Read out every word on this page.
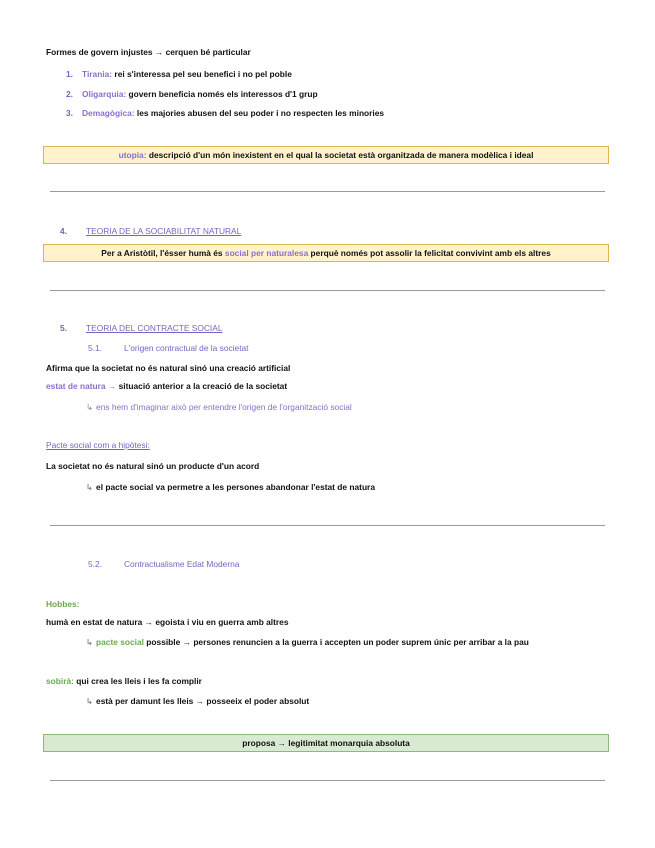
Formes de govern injustes → cerquen bé particular
1. Tirania: rei s'interessa pel seu benefici i no pel poble
2. Oligarquia: govern beneficia només els interessos d'1 grup
3. Demagògica: les majories abusen del seu poder i no respecten les minories
utopia: descripció d'un món inexistent en el qual la societat està organitzada de manera modèlica i ideal
4. TEORIA DE LA SOCIABILITAT NATURAL
Per a Aristòtil, l'ésser humà és social per naturalesa perquè només pot assolir la felicitat convivint amb els altres
5. TEORIA DEL CONTRACTE SOCIAL
5.1.	L'origen contractual de la societat
Afirma que la societat no és natural sinó una creació artificial
estat de natura → situació anterior a la creació de la societat
↳ ens hem d'imaginar això per entendre l'origen de l'organització social
Pacte social com a hipòtesi:
La societat no és natural sinó un producte d'un acord
↳ el pacte social va permetre a les persones abandonar l'estat de natura
5.2.	Contractualisme Edat Moderna
Hobbes:
humà en estat de natura → egoista i viu en guerra amb altres
↳ pacte social possible → persones renuncien a la guerra i accepten un poder suprem únic per arribar a la pau
sobirà: qui crea les lleis i les fa complir
↳ està per damunt les lleis → posseeix el poder absolut
proposa → legitimitat monarquia absoluta
